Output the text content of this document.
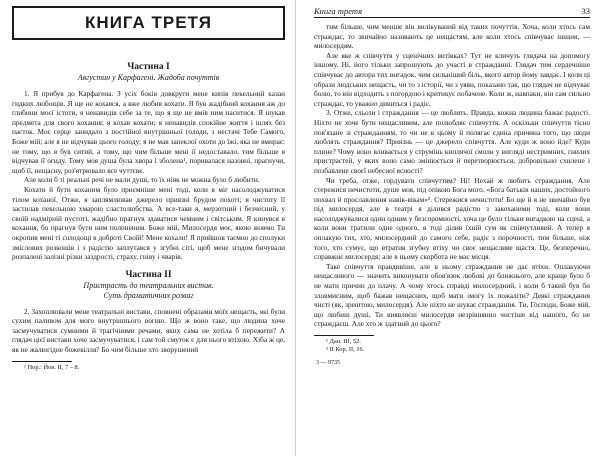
КНИГА ТРЕТЯ
Частина І
Августин у Карфагені. Жадоба почуттів

1. Я прибув до Карфагена. З усіх боків довкруги мене кипів пекельний казан гидких любощів. Я ще не кохався, а вже любив кохати. Я був жадібний кохання аж до глибини моєї істоти, я ненавидів себе за те, що я ще не вмів ним наситися. Я шукав предмета для свого кохання; я кохав кохати; я ненавидів спокійне життя і шлях без пасток. Моє серце занидало з постійної внутрішньої голоди, з нестачі Тебе Самого, Боже мій; але я не відчував цього голоду; я не мав запеклої охоти до їжі, яка не вмирає: не тому, що я був ситий, а тому, що чим більше мені її недоставало, тим більше я відчував її огиду. Тому моя душа була хвора і зболена¹, поривалася назовні, прагнучи, щоб її, нещасну, роз'ятрювало все чуттєве.

Але коли б ті реальні речі не мали душі, то їх ніяк не можна було б любити.

Кохати й бути коханим було приємніше мені тоді, коли я міг насолоджуватися тілом коханої. Отже, я заплямлював джерело приязні брудом похоті; я чистоту її застилав пекельною хмарою слаcтолюбства. А все-таки я, мерзотний і безчесний, у своїй надмірній пустоті, жадібно прагнув здаватися чемним і світським. Я кинувся в кохання, бо прагнув бути ним полоненим. Боже мій, Милосердя моє, якою жовчю Ти окропив мені ті солодощі в доброті Своїй! Мене кохали! Я прийшов таємно до сполуки зміслових розкошів і з радістю заплутався у згубні сіті, щоб мене згодом бичували розпалені залізні різки заздрості, страху, гніву і чварів.

Частина ІІ
Пристрасть до театральних вистав.
Суть драматичних розваг

2. Захоплювали мене театральні вистави, сповнені образами моїх нещасть, які були сухим паливом для мого внутрішнього вогню. Що ж воно таке, що людина хоче засмучуватися сумними й трагічними речами, яких сама не хотіла б пережити? А глядач цієї вистави хоче засмучуватися, і сам той смуток є для нього втіхою. Хіба ж це, як не жалюгідне божевілля? Бо чим більше хто зворушений

¹ Пор.: Йов. ІІ, 7 – 8.
Книга третя	33

тим більше, чим менше він вилікуваний від таких почуттів. Хоча, коли хтось сам страждає, то звичайно називають це нещастям, але коли хтось співчуває іншим, — милосердям.

Але яке ж співчуття у сценічних витівках? Тут не кличуть глядача на допомогу іншому. Ні, його тільки запрошують до участі в стражданні. Глядач тим сердечніше співчуває до автора тих вигадок, чим сильніший біль, якого автор йому завдає. І коли ці образи людських нещасть, чи то з історії, чи з уяви, показано так, що глядач не відчуває болю, то він відходить з погордою і критикує побачене. Коли ж, навпаки, він сам сильно страждає, то уважно дивиться і радіє.

3. Отже, сльози і страждання — це люблять. Правда, кожна людина бажає радості. Ніхто не хоче бути нещасливим, але полюбляє співчуття. А оскільки співчуття тісно пов'язане зі стражданням, то чи не в цьому й полягає єдина причина того, що люди люблять страждання? Приязнь — це джерело співчуття. Але куди ж воно йде? Куди плине? Чому воно вливається у струмінь киплячої смоли у вигляді нестримних, гнилих пристрастей, у яких воно само змінюється й перетворюється, добровільно схилене і позбавлене своєї небесної ясності?

Чи треба, отже, гордувати співчуттям? Ні! Нехай ж любить страждання. Але стережися нечистоти, душе моя, під опікою Бога мого. «Бога батьків наших, достойного похвал й прославлення навік-вікам»². Стережися нечистоти! Бо ще й я не звичайно був під милосердя, але в театрі я ділився радістю з закоханими тоді, коли вони насолоджувалися один одним у безсоромності, хоча це було тільки вигадкою на сцені, а коли вони тратили одне одного, я тоді ділив їхній сум як співчутливий. А тепер я оплакую тих, хто, милосердний до самого себе, радіє з порочності, тим більше, ніж того, хто сумує, що втратив згубну втіху чи своє нещасливе щастя. Це, безперечно, справжнє милосердя; але в ньому скорбота не має місця.

Таке співчуття правдивіше, але в ньому страждання не дає втіхи. Оплакуючи нещасливого — значить виконувати обов'язок любові до ближнього, але краще було б не мати причин до плачу. А чому хтось справді милосердний, і коли б такий був би зловмисним, щоб бажав нещасних, щоб мати змогу їх пожаліти? Деякі страждання чисті (як, зрештою, милосердя). Але ніхто не шукає страждання. Ти, Господи, Боже мій, що любиш душі, Ти виявляєш милосердя незрівнянно чистіше від нашого, бо не страждаєш. Але хто ж здатний до цього?

¹ Дан. ІІІ, 52.
² ІІ Кор. ІІ, 16.
3 — 9735
